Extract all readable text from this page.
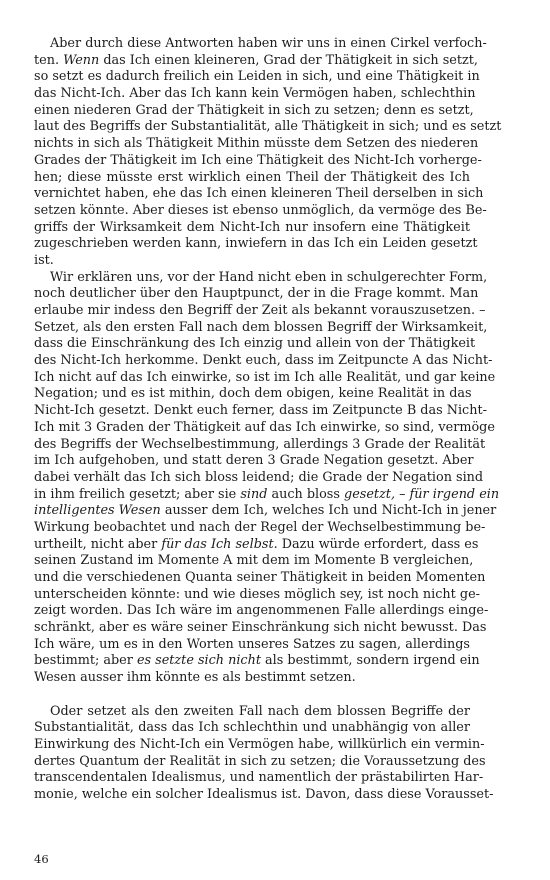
Aber durch diese Antworten haben wir uns in einen Cirkel verfoch-
ten. Wenn das Ich einen kleineren, Grad der Thätigkeit in sich setzt,
so setzt es dadurch freilich ein Leiden in sich, und eine Thätigkeit in
das Nicht-Ich. Aber das Ich kann kein Vermögen haben, schlechthin
einen niederen Grad der Thätigkeit in sich zu setzen; denn es setzt,
laut des Begriffs der Substantialität, alle Thätigkeit in sich; und es setzt
nichts in sich als Thätigkeit Mithin müsste dem Setzen des niederen
Grades der Thätigkeit im Ich eine Thätigkeit des Nicht-Ich vorherge-
hen; diese müsste erst wirklich einen Theil der Thätigkeit des Ich
vernichtet haben, ehe das Ich einen kleineren Theil derselben in sich
setzen könnte. Aber dieses ist ebenso unmöglich, da vermöge des Be-
griffs der Wirksamkeit dem Nicht-Ich nur insofern eine Thätigkeit
zugeschrieben werden kann, inwiefern in das Ich ein Leiden gesetzt
ist.
Wir erklären uns, vor der Hand nicht eben in schulgerechter Form,
noch deutlicher über den Hauptpunct, der in die Frage kommt. Man
erlaube mir indess den Begriff der Zeit als bekannt vorauszusetzen. –
Setzet, als den ersten Fall nach dem blossen Begriff der Wirksamkeit,
dass die Einschränkung des Ich einzig und allein von der Thätigkeit
des Nicht-Ich herkomme. Denkt euch, dass im Zeitpuncte A das Nicht-
Ich nicht auf das Ich einwirke, so ist im Ich alle Realität, und gar keine
Negation; und es ist mithin, doch dem obigen, keine Realität in das
Nicht-Ich gesetzt. Denkt euch ferner, dass im Zeitpuncte B das Nicht-
Ich mit 3 Graden der Thätigkeit auf das Ich einwirke, so sind, vermöge
des Begriffs der Wechselbestimmung, allerdings 3 Grade der Realität
im Ich aufgehoben, und statt deren 3 Grade Negation gesetzt. Aber
dabei verhält das Ich sich bloss leidend; die Grade der Negation sind
in ihm freilich gesetzt; aber sie sind auch bloss gesetzt, – für irgend ein
intelligentes Wesen ausser dem Ich, welches Ich und Nicht-Ich in jener
Wirkung beobachtet und nach der Regel der Wechselbestimmung be-
urtheilt, nicht aber für das Ich selbst. Dazu würde erfordert, dass es
seinen Zustand im Momente A mit dem im Momente B vergleichen,
und die verschiedenen Quanta seiner Thätigkeit in beiden Momenten
unterscheiden könnte: und wie dieses möglich sey, ist noch nicht ge-
zeigt worden. Das Ich wäre im angenommenen Falle allerdings einge-
schränkt, aber es wäre seiner Einschränkung sich nicht bewusst. Das
Ich wäre, um es in den Worten unseres Satzes zu sagen, allerdings
bestimmt; aber es setzte sich nicht als bestimmt, sondern irgend ein
Wesen ausser ihm könnte es als bestimmt setzen.
Oder setzet als den zweiten Fall nach dem blossen Begriffe der
Substantialität, dass das Ich schlechthin und unabhängig von aller
Einwirkung des Nicht-Ich ein Vermögen habe, willkürlich ein vermin-
dertes Quantum der Realität in sich zu setzen; die Voraussetzung des
transcendentalen Idealismus, und namentlich der prästabilirten Har-
monie, welche ein solcher Idealismus ist. Davon, dass diese Vorausset-
46
